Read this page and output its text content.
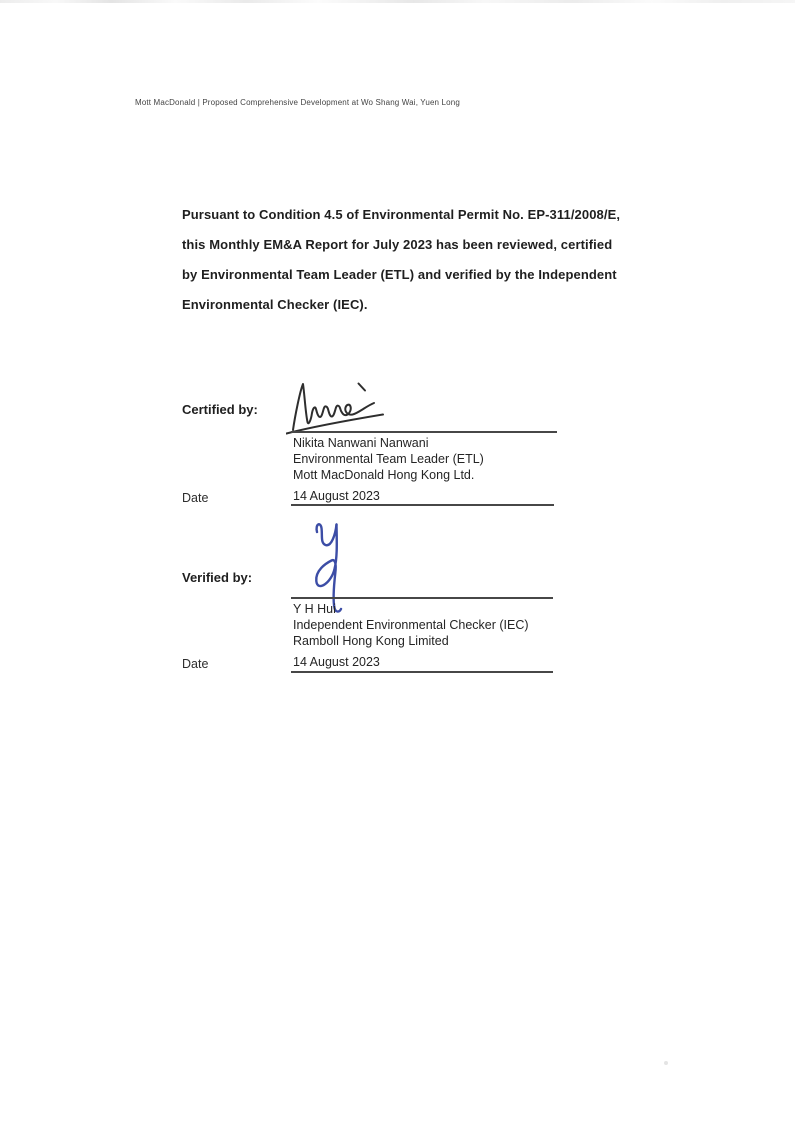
Mott MacDonald | Proposed Comprehensive Development at Wo Shang Wai, Yuen Long
Pursuant to Condition 4.5 of Environmental Permit No. EP-311/2008/E,
this Monthly EM&A Report for July 2023 has been reviewed, certified
by Environmental Team Leader (ETL) and verified by the Independent
Environmental Checker (IEC).
Certified by:
Nikita Nanwani Nanwani
Environmental Team Leader (ETL)
Mott MacDonald Hong Kong Ltd.
Date	14 August 2023
Verified by:
Y H Hui
Independent Environmental Checker (IEC)
Ramboll Hong Kong Limited
Date	14 August 2023
